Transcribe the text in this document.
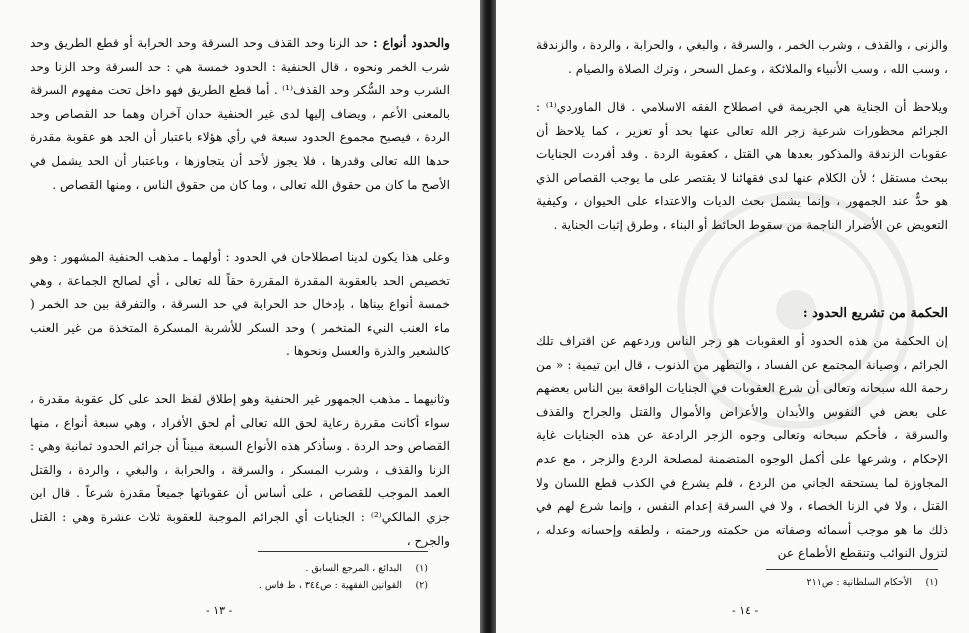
والحدود أنواع : حد الزنا وحد القذف وحد السرقة وحد الحرابة أو قطع الطريق وحد شرب الخمر ونحوه ، قال الحنفية : الحدود خمسة هي : حد السرقة وحد الزنا وحد الشرب وحد السُّكر وحد القذف⁽¹⁾ . أما قطع الطريق فهو داخل تحت مفهوم السرقة بالمعنى الأعم ، ويضاف إليها لدى غير الحنفية حدان آخران وهما حد القصاص وحد الردة ، فيصبح مجموع الحدود سبعة في رأي هؤلاء باعتبار أن الحد هو عقوبة مقدرة حدها الله تعالى وقدرها ، فلا يجوز لأحد أن يتجاوزها ، وباعتبار أن الحد يشمل في الأصح ما كان من حقوق الله تعالى ، وما كان من حقوق الناس ، ومنها القصاص .

وعلى هذا يكون لدينا اصطلاحان في الحدود : أولهما ـ مذهب الحنفية المشهور : وهو تخصيص الحد بالعقوبة المقدرة المقررة حقاً لله تعالى ، أي لصالح الجماعة ، وهي خمسة أنواع بيناها ، بإدخال حد الحرابة في حد السرقة ، والتفرقة بين حد الخمر ( ماء العنب النيء المتخمر ) وحد السكر للأشربة المسكرة المتخذة من غير العنب كالشعير والذرة والعسل ونحوها .

وثانيهما ـ مذهب الجمهور غير الحنفية وهو إطلاق لفظ الحد على كل عقوبة مقدرة ، سواء أكانت مقررة رعاية لحق الله تعالى أم لحق الأفراد ، وهي سبعة أنواع ، منها القصاص وحد الردة . وسأذكر هذه الأنواع السبعة مبيناً أن جرائم الحدود ثمانية وهي : الزنا والقذف ، وشرب المسكر ، والسرقة ، والحرابة ، والبغي ، والردة ، والقتل العمد الموجب للقصاص ، على أساس أن عقوباتها جميعاً مقدرة شرعاً . قال ابن جزي المالكي⁽²⁾ : الجنايات أي الجرائم الموجبة للعقوبة ثلاث عشرة وهي : القتل والجرح ،

(١)البدائع ، المرجع السابق .
(٢)القوانين الفقهية : ص٣٤٤ ، ط فاس .
- ١٣ -

والزنى ، والقذف ، وشرب الخمر ، والسرقة ، والبغي ، والحرابة ، والردة ، والزندقة ، وسب الله ، وسب الأنبياء والملائكة ، وعمل السحر ، وترك الصلاة والصيام .

ويلاحظ أن الجناية هي الجريمة في اصطلاح الفقه الاسلامي . قال الماوردي⁽¹⁾ : الجرائم محظورات شرعية زجر الله تعالى عنها بحد أو تعزير ، كما يلاحظ أن عقوبات الزندقة والمذكور بعدها هي القتل ، كعقوبة الردة . وقد أفردت الجنايات ببحث مستقل ؛ لأن الكلام عنها لدى فقهائنا لا يقتصر على ما يوجب القصاص الذي هو حدٌّ عند الجمهور ، وإنما يشمل بحث الديات والاعتداء على الحيوان ، وكيفية التعويض عن الأضرار الناجمة من سقوط الحائط أو البناء ، وطرق إثبات الجناية .

الحكمة من تشريع الحدود :

إن الحكمة من هذه الحدود أو العقوبات هو زجر الناس وردعهم عن اقتراف تلك الجرائم ، وصيانة المجتمع عن الفساد ، والتطهر من الذنوب ، قال ابن تيمية : « من رحمة الله سبحانه وتعالى أن شرع العقوبات في الجنايات الواقعة بين الناس بعضهم على بعض في النفوس والأبدان والأعراض والأموال والقتل والجراح والقذف والسرقة ، فأحكم سبحانه وتعالى وجوه الزجر الرادعة عن هذه الجنايات غاية الإحكام ، وشرعها على أكمل الوجوه المتضمنة لمصلحة الردع والزجر ، مع عدم المجاوزة لما يستحقه الجاني من الردع ، فلم يشرع في الكذب قطع اللسان ولا القتل ، ولا في الزنا الخصاء ، ولا في السرقة إعدام النفس ، وإنما شرع لهم في ذلك ما هو موجب أسمائه وصفاته من حكمته ورحمته ، ولطفه وإحسانه وعدله ، لتزول النوائب وتنقطع الأطماع عن

(١)الأحكام السلطانية : ص٢١١
- ١٤ -
